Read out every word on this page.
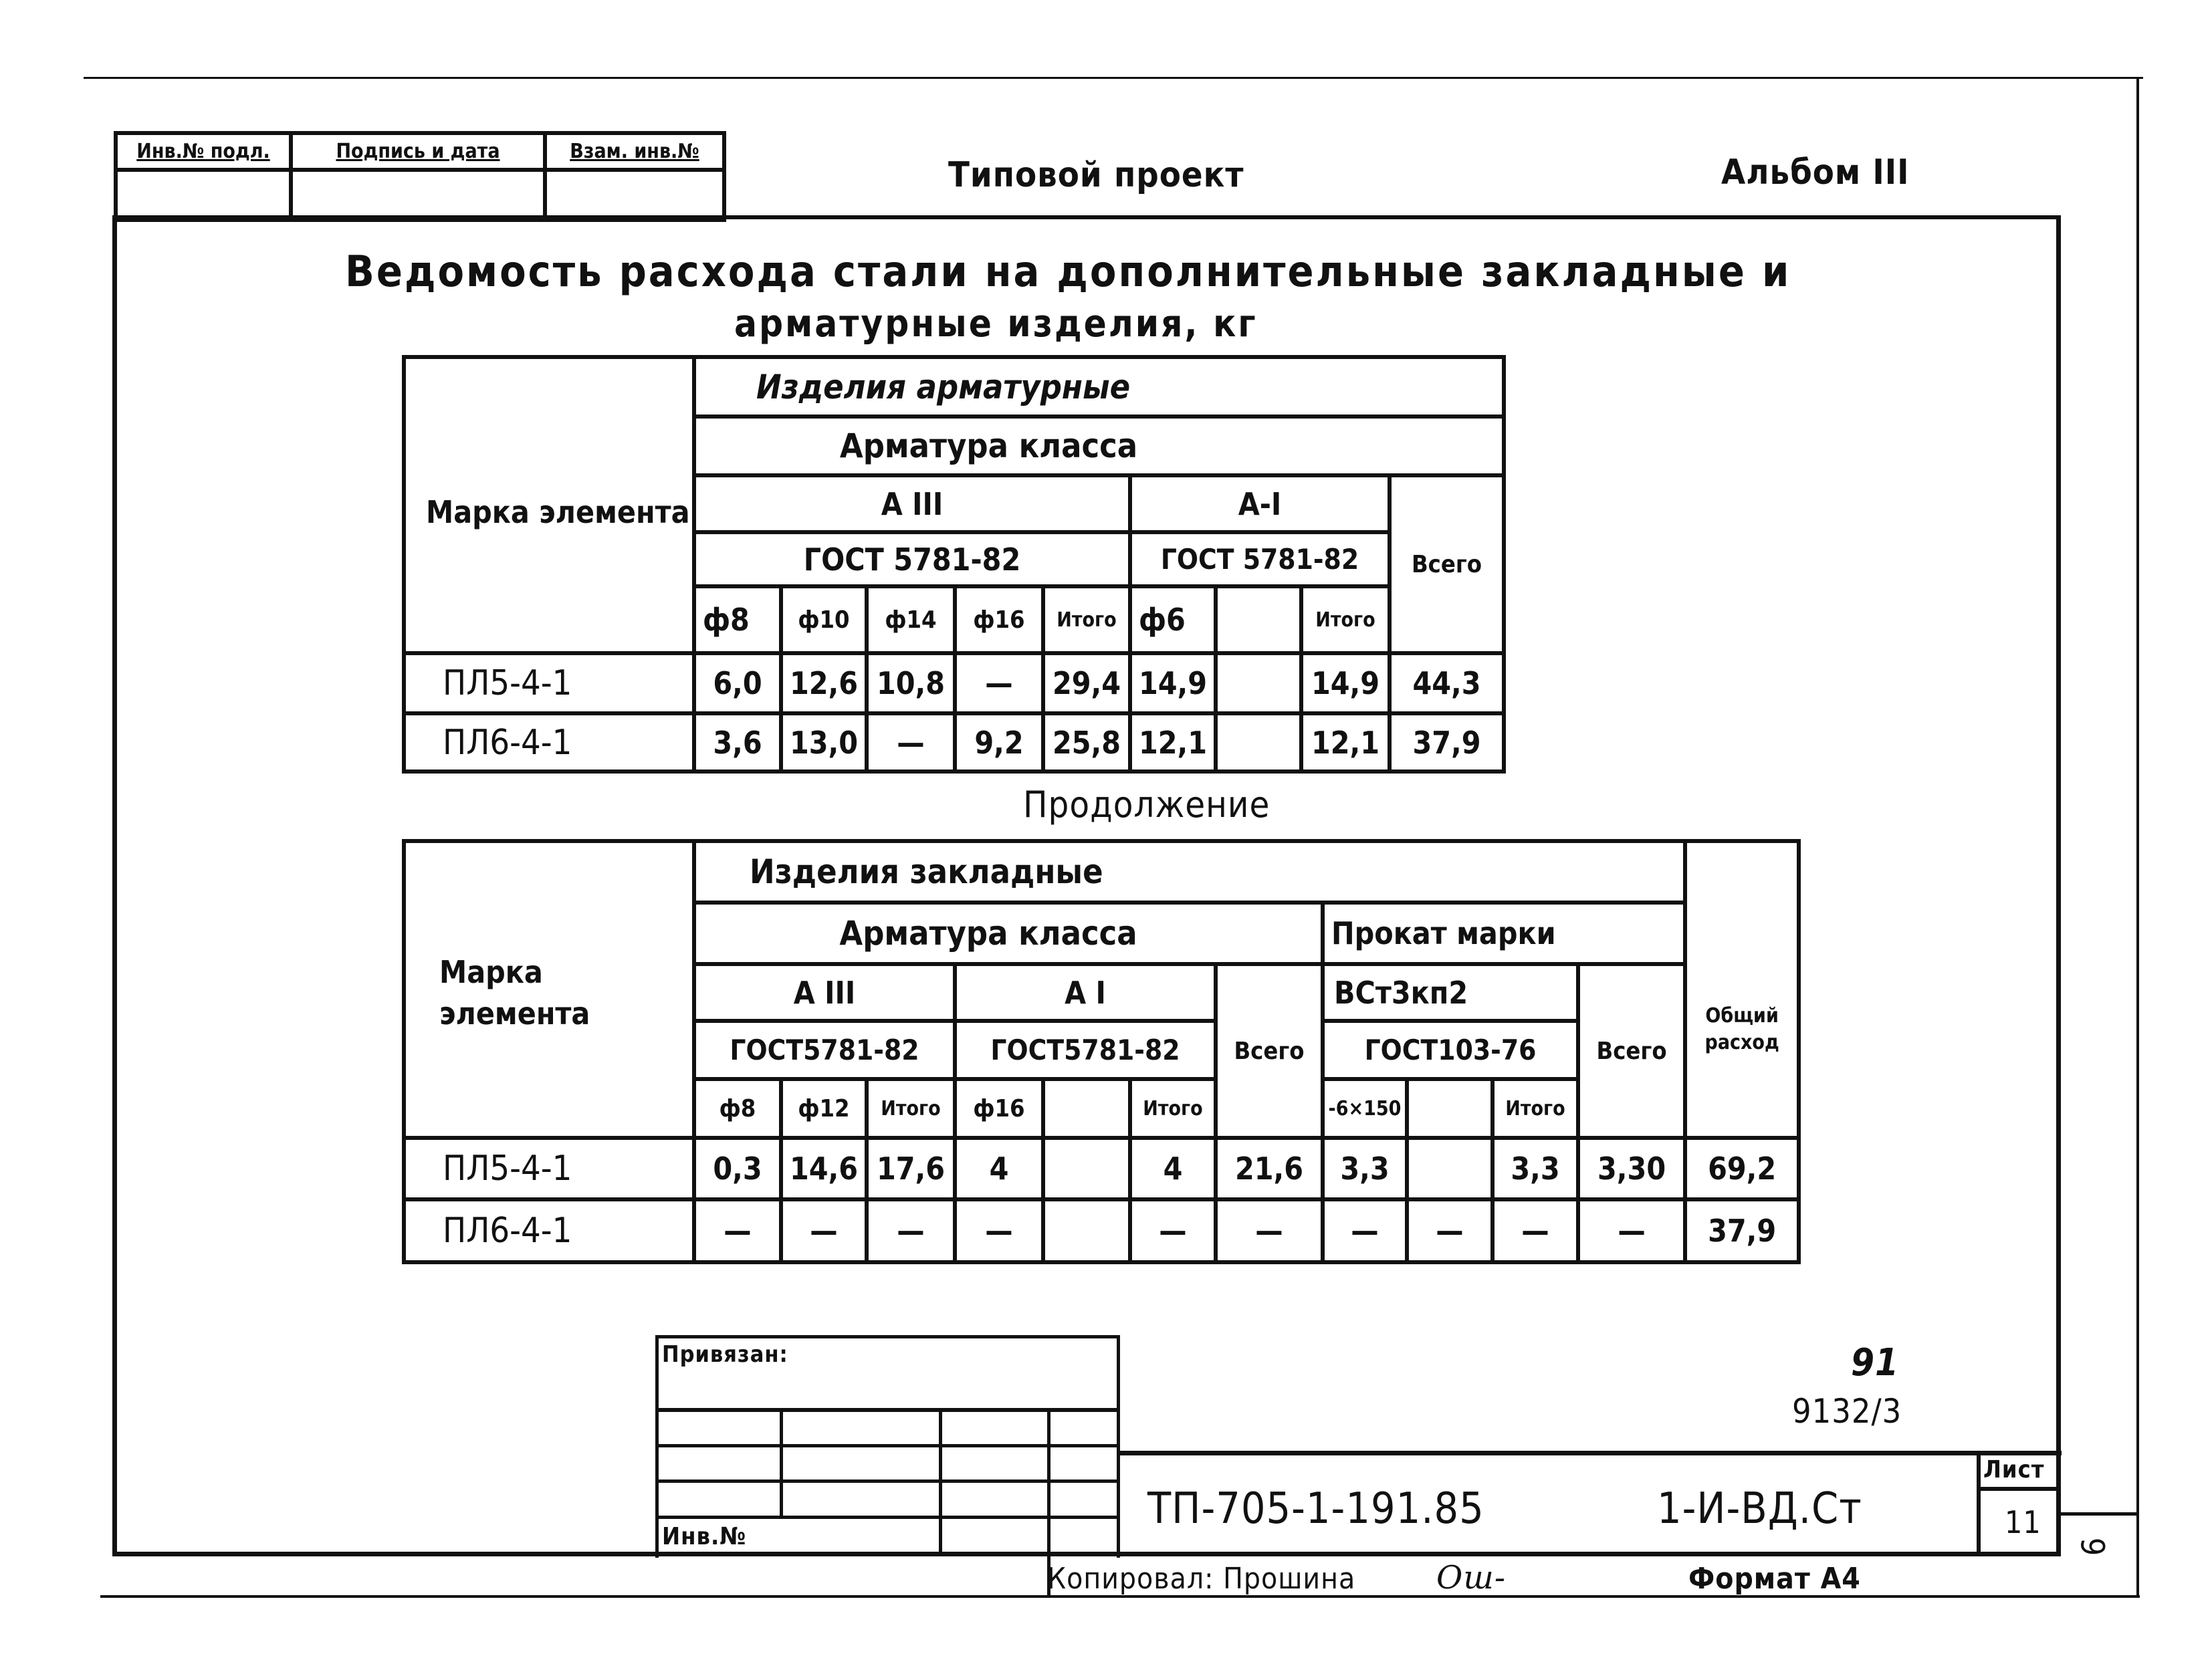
Инв.№ подл.	Подпись и дата	Взам. инв.№

Типовой проект	Альбом III
Ведомость расхода стали на дополнительные закладные и
арматурные изделия, кг
Марка элемента	Изделия арматурные								
	Арматура класса								
	А III					А-I			Всего
	ГОСТ 5781-82					ГОСТ 5781-82			
	ф8	ф10	ф14	ф16	Итого	ф6		Итого	
ПЛ5-4-1	6,0	12,6	10,8	—	29,4	14,9		14,9	44,3
ПЛ6-4-1	3,6	13,0	—	9,2	25,8	12,1		12,1	37,9
Продолжение
Марка элемента	Изделия закладные											Общий расход
	Арматура класса							Прокат марки				
	А III			А I			Всего	ВСт3кп2			Всего	
	ГОСТ5781-82			ГОСТ5781-82				ГОСТ103-76				
	ф8	ф12	Итого	ф16		Итого		-6×150		Итого		
ПЛ5-4-1	0,3	14,6	17,6	4		4	21,6	3,3		3,3	3,30	69,2
ПЛ6-4-1	—	—	—	—		—	—	—	—	—	—	37,9
Привязан:
Инв.№
91
9132/3
ТП-705-1-191.85	1-И-ВД.Ст
Лист
11
6
Копировал: Прошина	Ош-	Формат А4
